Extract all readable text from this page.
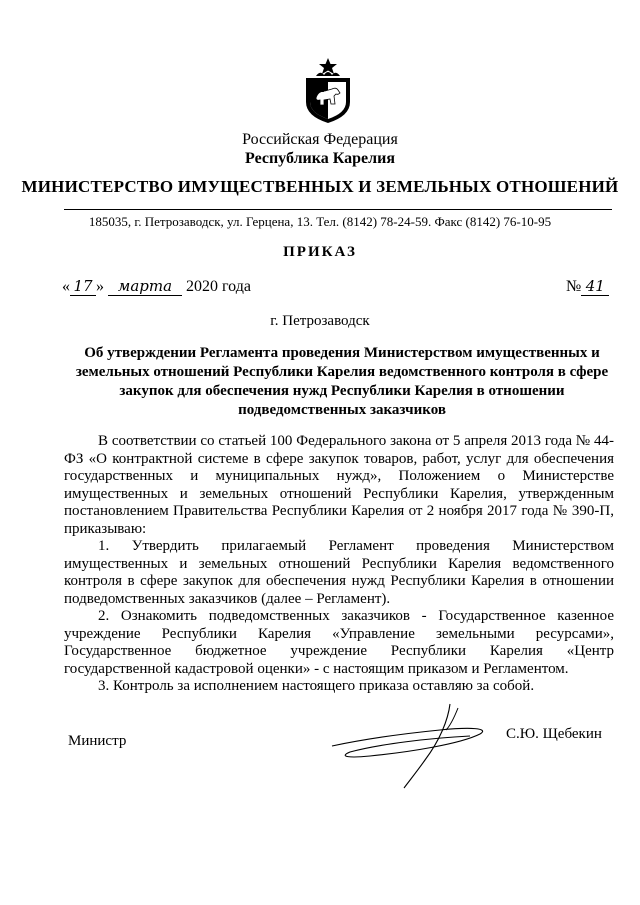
Российская Федерация
Республика Карелия
МИНИСТЕРСТВО ИМУЩЕСТВЕННЫХ И ЗЕМЕЛЬНЫХ ОТНОШЕНИЙ
185035, г. Петрозаводск, ул. Герцена, 13. Тел. (8142) 78-24-59. Факс (8142) 76-10-95
ПРИКАЗ
« 17 » марта 2020 года	№ 41
г. Петрозаводск
Об утверждении Регламента проведения Министерством имущественных и земельных отношений Республики Карелия ведомственного контроля в сфере закупок для обеспечения нужд Республики Карелия в отношении подведомственных заказчиков

В соответствии со статьей 100 Федерального закона от 5 апреля 2013 года № 44-ФЗ «О контрактной системе в сфере закупок товаров, работ, услуг для обеспечения государственных и муниципальных нужд», Положением о Министерстве имущественных и земельных отношений Республики Карелия, утвержденным постановлением Правительства Республики Карелия от 2 ноября 2017 года № 390-П, приказываю:

1. Утвердить прилагаемый Регламент проведения Министерством имущественных и земельных отношений Республики Карелия ведомственного контроля в сфере закупок для обеспечения нужд Республики Карелия в отношении подведомственных заказчиков (далее – Регламент).

2. Ознакомить подведомственных заказчиков - Государственное казенное учреждение Республики Карелия «Управление земельными ресурсами», Государственное бюджетное учреждение Республики Карелия «Центр государственной кадастровой оценки» - с настоящим приказом и Регламентом.

3. Контроль за исполнением настоящего приказа оставляю за собой.

Министр	С.Ю. Щебекин
